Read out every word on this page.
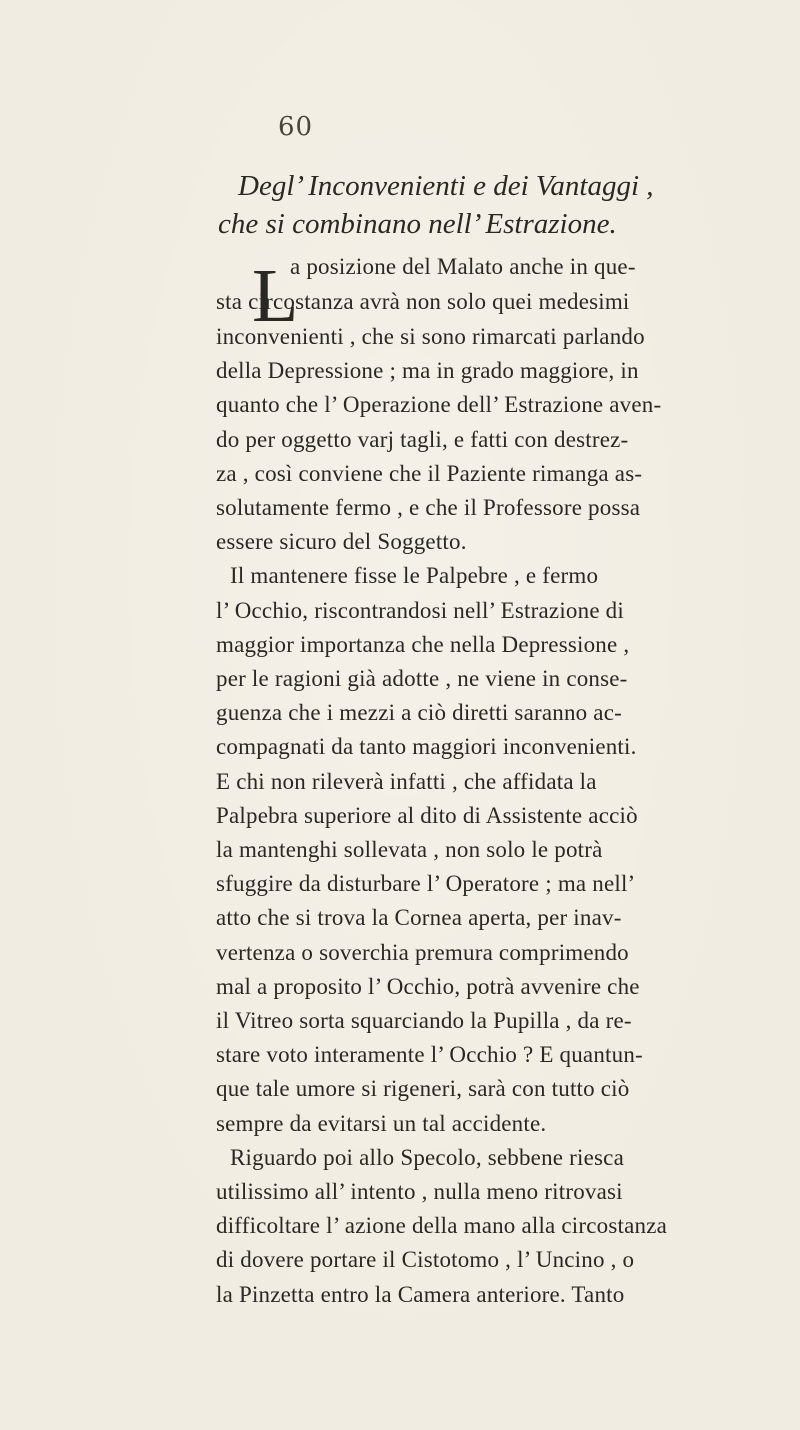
60
Degl’ Inconvenienti e dei Vantaggi ,
che si combinano nell’ Estrazione.
L
a posizione del Malato anche in que-
sta circostanza avrà non solo quei medesimi
inconvenienti , che si sono rimarcati parlando
della Depressione ; ma in grado maggiore, in
quanto che l’ Operazione dell’ Estrazione aven-
do per oggetto varj tagli, e fatti con destrez-
za , così conviene che il Paziente rimanga as-
solutamente fermo , e che il Professore possa
essere sicuro del Soggetto.
Il mantenere fisse le Palpebre , e fermo
l’ Occhio, riscontrandosi nell’ Estrazione di
maggior importanza che nella Depressione ,
per le ragioni già adotte , ne viene in conse-
guenza che i mezzi a ciò diretti saranno ac-
compagnati da tanto maggiori inconvenienti.
E chi non rileverà infatti , che affidata la
Palpebra superiore al dito di Assistente acciò
la mantenghi sollevata , non solo le potrà
sfuggire da disturbare l’ Operatore ; ma nell’
atto che si trova la Cornea aperta, per inav-
vertenza o soverchia premura comprimendo
mal a proposito l’ Occhio, potrà avvenire che
il Vitreo sorta squarciando la Pupilla , da re-
stare voto interamente l’ Occhio ? E quantun-
que tale umore si rigeneri, sarà con tutto ciò
sempre da evitarsi un tal accidente.
Riguardo poi allo Specolo, sebbene riesca
utilissimo all’ intento , nulla meno ritrovasi
difficoltare l’ azione della mano alla circostanza
di dovere portare il Cistotomo , l’ Uncino , o
la Pinzetta entro la Camera anteriore. Tanto
